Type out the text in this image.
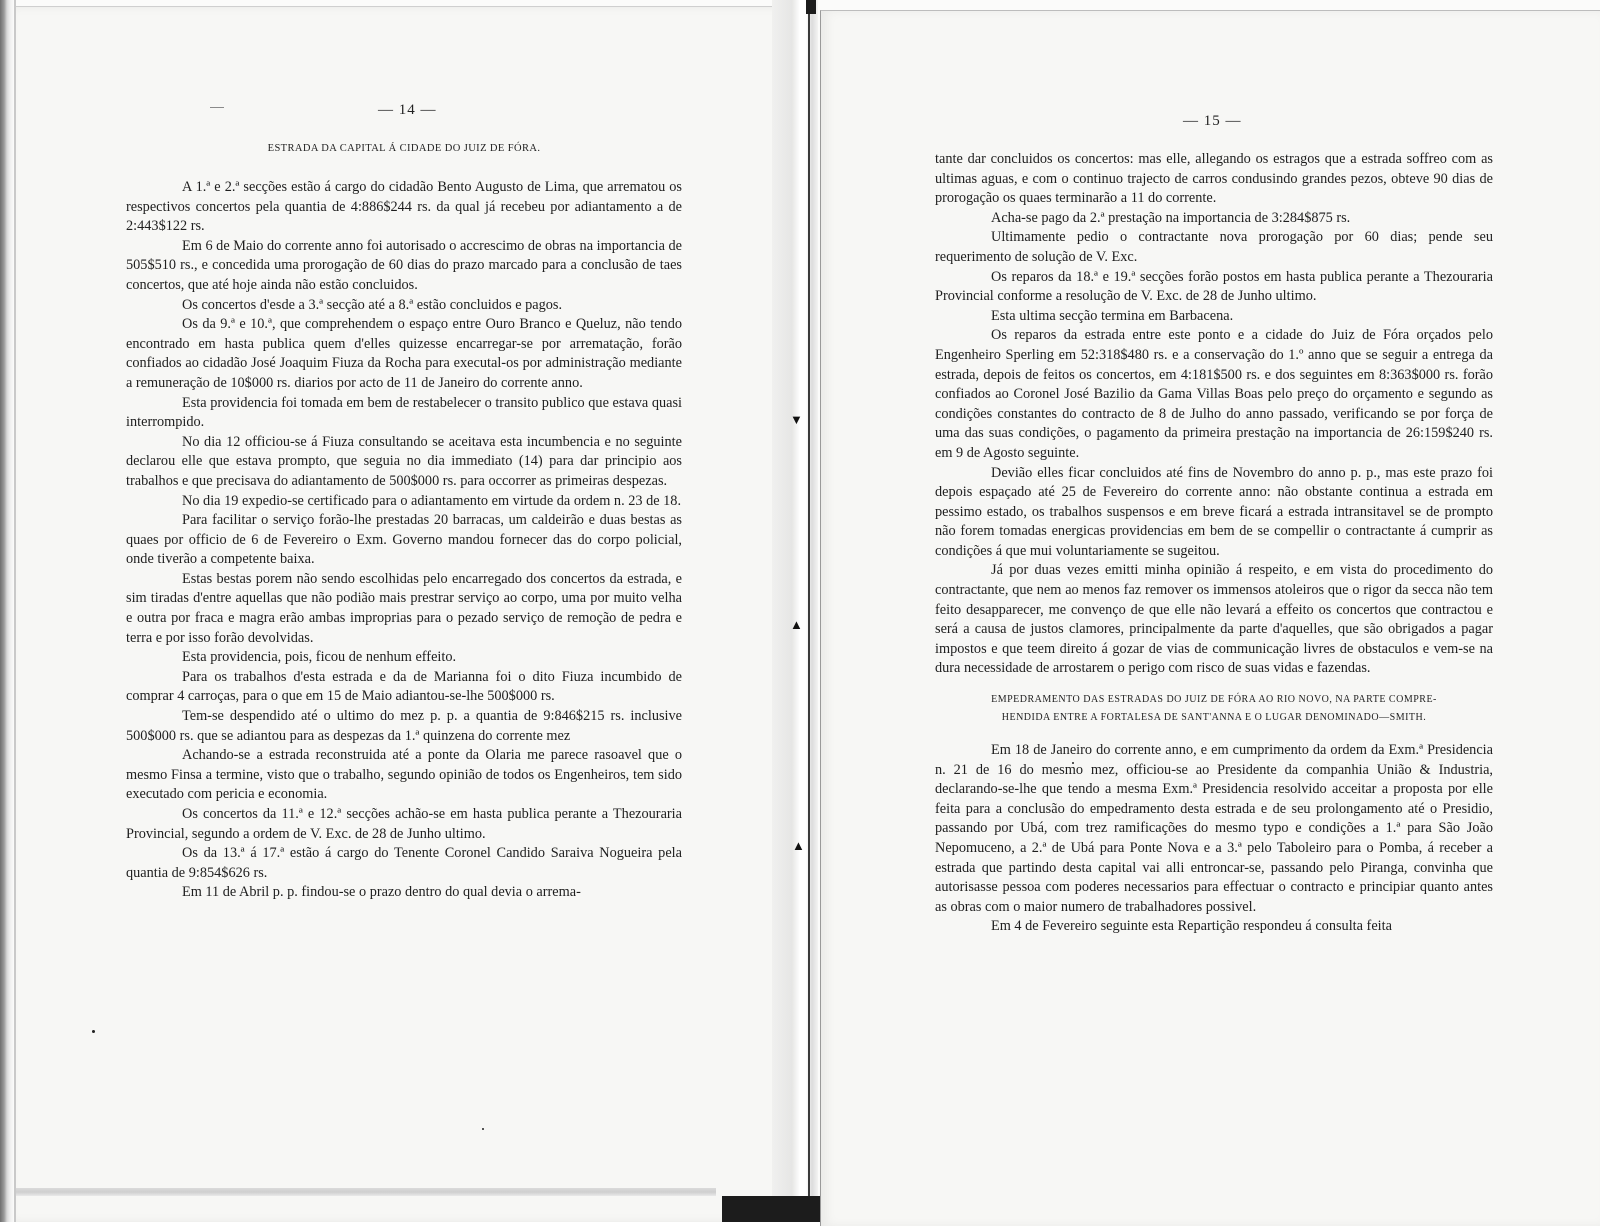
▼
▲
▲
— 14 —
ESTRADA DA CAPITAL Á CIDADE DO JUIZ DE FÓRA.

A 1.ª e 2.ª secções estão á cargo do cidadão Bento Augusto de Lima, que arrematou os respectivos concertos pela quantia de 4:886$244 rs. da qual já recebeu por adiantamento a de 2:443$122 rs.

Em 6 de Maio do corrente anno foi autorisado o accrescimo de obras na importancia de 505$510 rs., e concedida uma prorogação de 60 dias do prazo marcado para a conclusão de taes concertos, que até hoje ainda não estão concluidos.

Os concertos d'esde a 3.ª secção até a 8.ª estão concluidos e pagos.

Os da 9.ª e 10.ª, que comprehendem o espaço entre Ouro Branco e Queluz, não tendo encontrado em hasta publica quem d'elles quizesse encarregar-se por arrematação, forão confiados ao cidadão José Joaquim Fiuza da Rocha para executal-os por administração mediante a remuneração de 10$000 rs. diarios por acto de 11 de Janeiro do corrente anno.

Esta providencia foi tomada em bem de restabelecer o transito publico que estava quasi interrompido.

No dia 12 officiou-se á Fiuza consultando se aceitava esta incumbencia e no seguinte declarou elle que estava prompto, que seguia no dia immediato (14) para dar principio aos trabalhos e que precisava do adiantamento de 500$000 rs. para occorrer as primeiras despezas.

No dia 19 expedio-se certificado para o adiantamento em virtude da ordem n. 23 de 18.

Para facilitar o serviço forão-lhe prestadas 20 barracas, um caldeirão e duas bestas as quaes por officio de 6 de Fevereiro o Exm. Governo mandou fornecer das do corpo policial, onde tiverão a competente baixa.

Estas bestas porem não sendo escolhidas pelo encarregado dos concertos da estrada, e sim tiradas d'entre aquellas que não podião mais prestrar serviço ao corpo, uma por muito velha e outra por fraca e magra erão ambas improprias para o pezado serviço de remoção de pedra e terra e por isso forão devolvidas.

Esta providencia, pois, ficou de nenhum effeito.

Para os trabalhos d'esta estrada e da de Marianna foi o dito Fiuza incumbido de comprar 4 carroças, para o que em 15 de Maio adiantou-se-lhe 500$000 rs.

Tem-se despendido até o ultimo do mez p. p. a quantia de 9:846$215 rs. inclusive 500$000 rs. que se adiantou para as despezas da 1.ª quinzena do corrente mez

Achando-se a estrada reconstruida até a ponte da Olaria me parece rasoavel que o mesmo Finsa a termine, visto que o trabalho, segundo opinião de todos os Engenheiros, tem sido executado com pericia e economia.

Os concertos da 11.ª e 12.ª secções achão-se em hasta publica perante a Thezouraria Provincial, segundo a ordem de V. Exc. de 28 de Junho ultimo.

Os da 13.ª á 17.ª estão á cargo do Tenente Coronel Candido Saraiva Nogueira pela quantia de 9:854$626 rs.

Em 11 de Abril p. p. findou-se o prazo dentro do qual devia o arrema-

— 15 —

tante dar concluidos os concertos: mas elle, allegando os estragos que a estrada soffreo com as ultimas aguas, e com o continuo trajecto de carros condusindo grandes pezos, obteve 90 dias de prorogação os quaes terminarão a 11 do corrente.

Acha-se pago da 2.ª prestação na importancia de 3:284$875 rs.

Ultimamente pedio o contractante nova prorogação por 60 dias; pende seu requerimento de solução de V. Exc.

Os reparos da 18.ª e 19.ª secções forão postos em hasta publica perante a Thezouraria Provincial conforme a resolução de V. Exc. de 28 de Junho ultimo.

Esta ultima secção termina em Barbacena.

Os reparos da estrada entre este ponto e a cidade do Juiz de Fóra orçados pelo Engenheiro Sperling em 52:318$480 rs. e a conservação do 1.º anno que se seguir a entrega da estrada, depois de feitos os concertos, em 4:181$500 rs. e dos seguintes em 8:363$000 rs. forão confiados ao Coronel José Bazilio da Gama Villas Boas pelo preço do orçamento e segundo as condições constantes do contracto de 8 de Julho do anno passado, verificando se por força de uma das suas condições, o pagamento da primeira prestação na importancia de 26:159$240 rs. em 9 de Agosto seguinte.

Devião elles ficar concluidos até fins de Novembro do anno p. p., mas este prazo foi depois espaçado até 25 de Fevereiro do corrente anno: não obstante continua a estrada em pessimo estado, os trabalhos suspensos e em breve ficará a estrada intransitavel se de prompto não forem tomadas energicas providencias em bem de se compellir o contractante á cumprir as condições á que mui voluntariamente se sugeitou.

Já por duas vezes emitti minha opinião á respeito, e em vista do procedimento do contractante, que nem ao menos faz remover os immensos atoleiros que o rigor da secca não tem feito desapparecer, me convenço de que elle não levará a effeito os concertos que contractou e será a causa de justos clamores, principalmente da parte d'aquelles, que são obrigados a pagar impostos e que teem direito á gozar de vias de communicação livres de obstaculos e vem-se na dura necessidade de arrostarem o perigo com risco de suas vidas e fazendas.

EMPEDRAMENTO DAS ESTRADAS DO JUIZ DE FÓRA AO RIO NOVO, NA PARTE COMPRE-
HENDIDA ENTRE A FORTALESA DE SANT'ANNA E O LUGAR DENOMINADO—SMITH.

Em 18 de Janeiro do corrente anno, e em cumprimento da ordem da Exm.ª Presidencia n. 21 de 16 do mesmo mez, officiou-se ao Presidente da companhia União & Industria, declarando-se-lhe que tendo a mesma Exm.ª Presidencia resolvido acceitar a proposta por elle feita para a conclusão do empedramento desta estrada e de seu prolongamento até o Presidio, passando por Ubá, com trez ramificações do mesmo typo e condições a 1.ª para São João Nepomuceno, a 2.ª de Ubá para Ponte Nova e a 3.ª pelo Taboleiro para o Pomba, á receber a estrada que partindo desta capital vai alli entroncar-se, passando pelo Piranga, convinha que autorisasse pessoa com poderes necessarios para effectuar o contracto e principiar quanto antes as obras com o maior numero de trabalhadores possivel.

Em 4 de Fevereiro seguinte esta Repartição respondeu á consulta feita
